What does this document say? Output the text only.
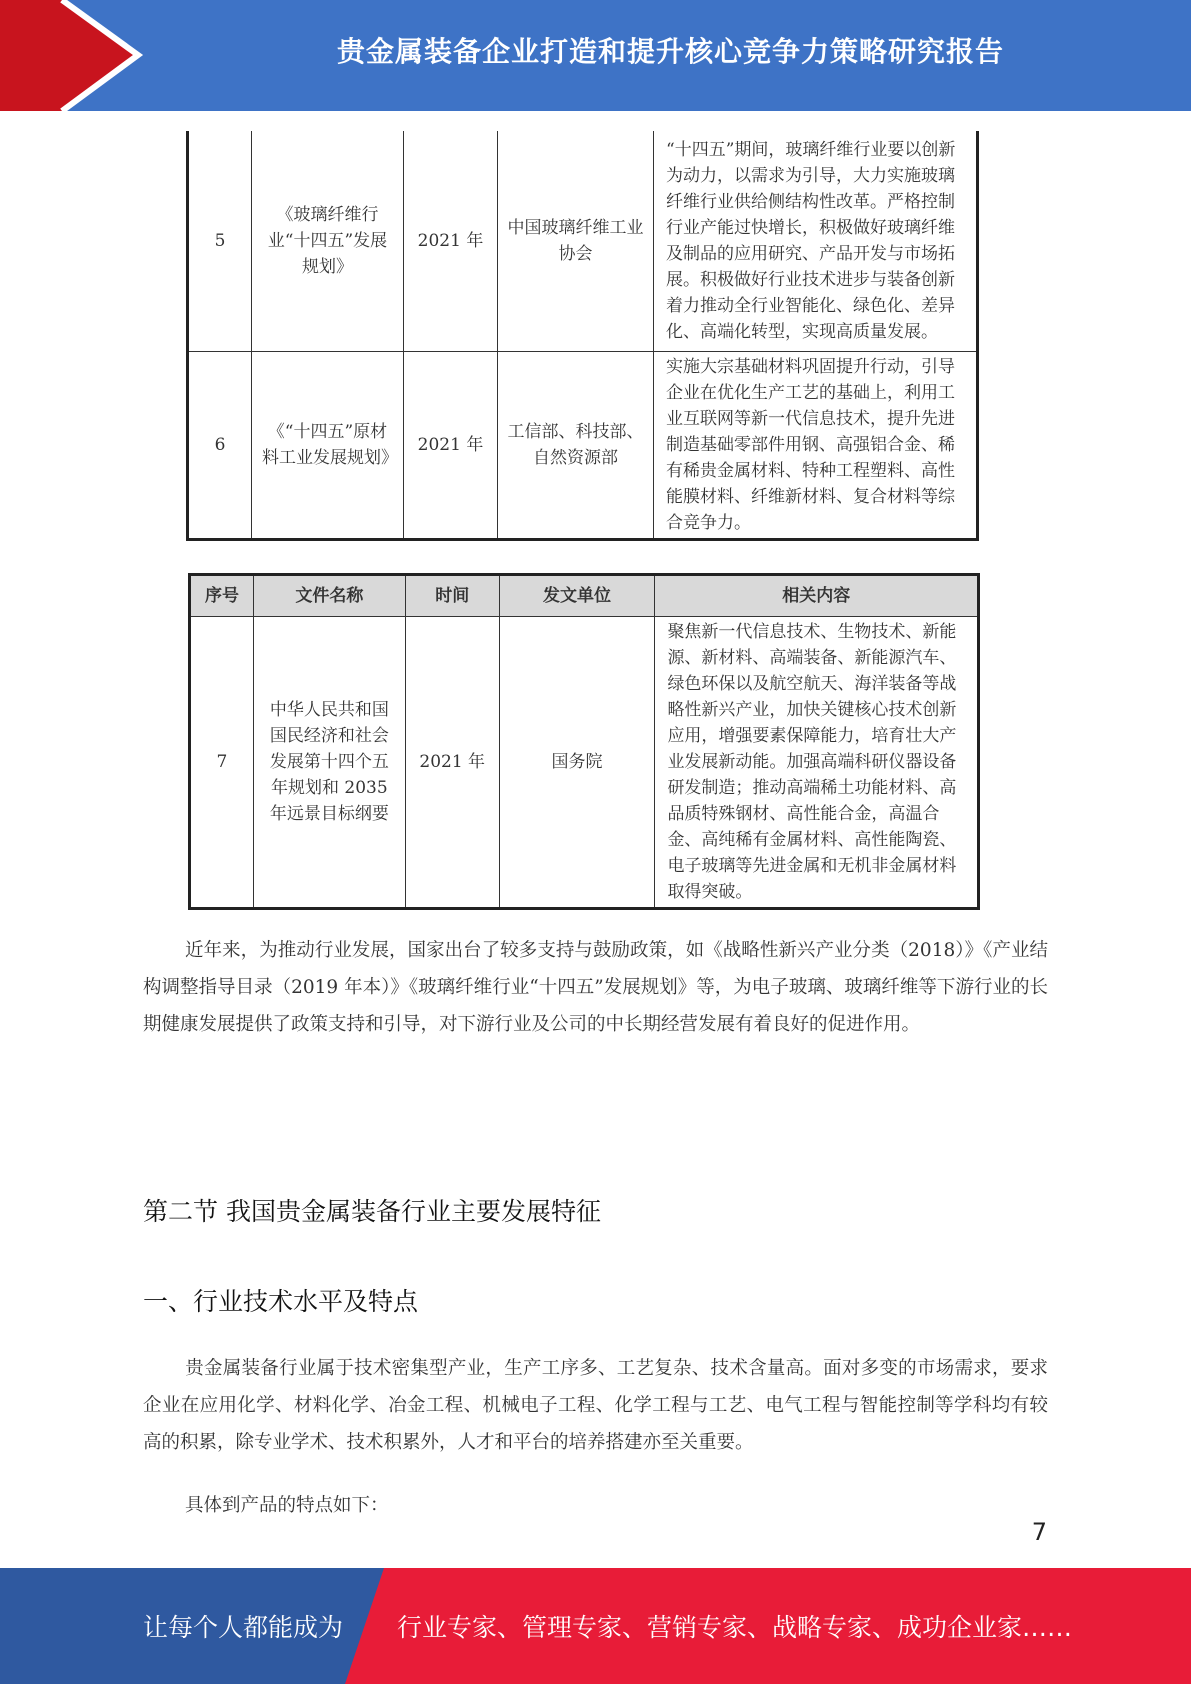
贵金属装备企业打造和提升核心竞争力策略研究报告
5	《玻璃纤维行业“十四五”发展规划》	2021 年	中国玻璃纤维工业协会	“十四五”期间，玻璃纤维行业要以创新为动力，以需求为引导，大力实施玻璃纤维行业供给侧结构性改革。严格控制行业产能过快增长，积极做好玻璃纤维及制品的应用研究、产品开发与市场拓展。积极做好行业技术进步与装备创新着力推动全行业智能化、绿色化、差异化、高端化转型，实现高质量发展。
6	《“十四五”原材料工业发展规划》	2021 年	工信部、科技部、自然资源部	实施大宗基础材料巩固提升行动，引导企业在优化生产工艺的基础上，利用工业互联网等新一代信息技术，提升先进制造基础零部件用钢、高强铝合金、稀有稀贵金属材料、特种工程塑料、高性能膜材料、纤维新材料、复合材料等综合竞争力。
序号	文件名称	时间	发文单位	相关内容
7	中华人民共和国国民经济和社会发展第十四个五年规划和 2035 年远景目标纲要	2021 年	国务院	聚焦新一代信息技术、生物技术、新能源、新材料、高端装备、新能源汽车、绿色环保以及航空航天、海洋装备等战略性新兴产业，加快关键核心技术创新应用，增强要素保障能力，培育壮大产业发展新动能。加强高端科研仪器设备研发制造；推动高端稀土功能材料、高品质特殊钢材、高性能合金，高温合金、高纯稀有金属材料、高性能陶瓷、电子玻璃等先进金属和无机非金属材料取得突破。
近年来，为推动行业发展，国家出台了较多支持与鼓励政策，如《战略性新兴产业分类（2018）》《产业结构调整指导目录（2019 年本）》《玻璃纤维行业“十四五”发展规划》等，为电子玻璃、玻璃纤维等下游行业的长期健康发展提供了政策支持和引导，对下游行业及公司的中长期经营发展有着良好的促进作用。
第二节 我国贵金属装备行业主要发展特征
一、行业技术水平及特点
贵金属装备行业属于技术密集型产业，生产工序多、工艺复杂、技术含量高。面对多变的市场需求，要求企业在应用化学、材料化学、冶金工程、机械电子工程、化学工程与工艺、电气工程与智能控制等学科均有较高的积累，除专业学术、技术积累外，人才和平台的培养搭建亦至关重要。
具体到产品的特点如下：
7
让每个人都能成为 行业专家、管理专家、营销专家、战略专家、成功企业家……
